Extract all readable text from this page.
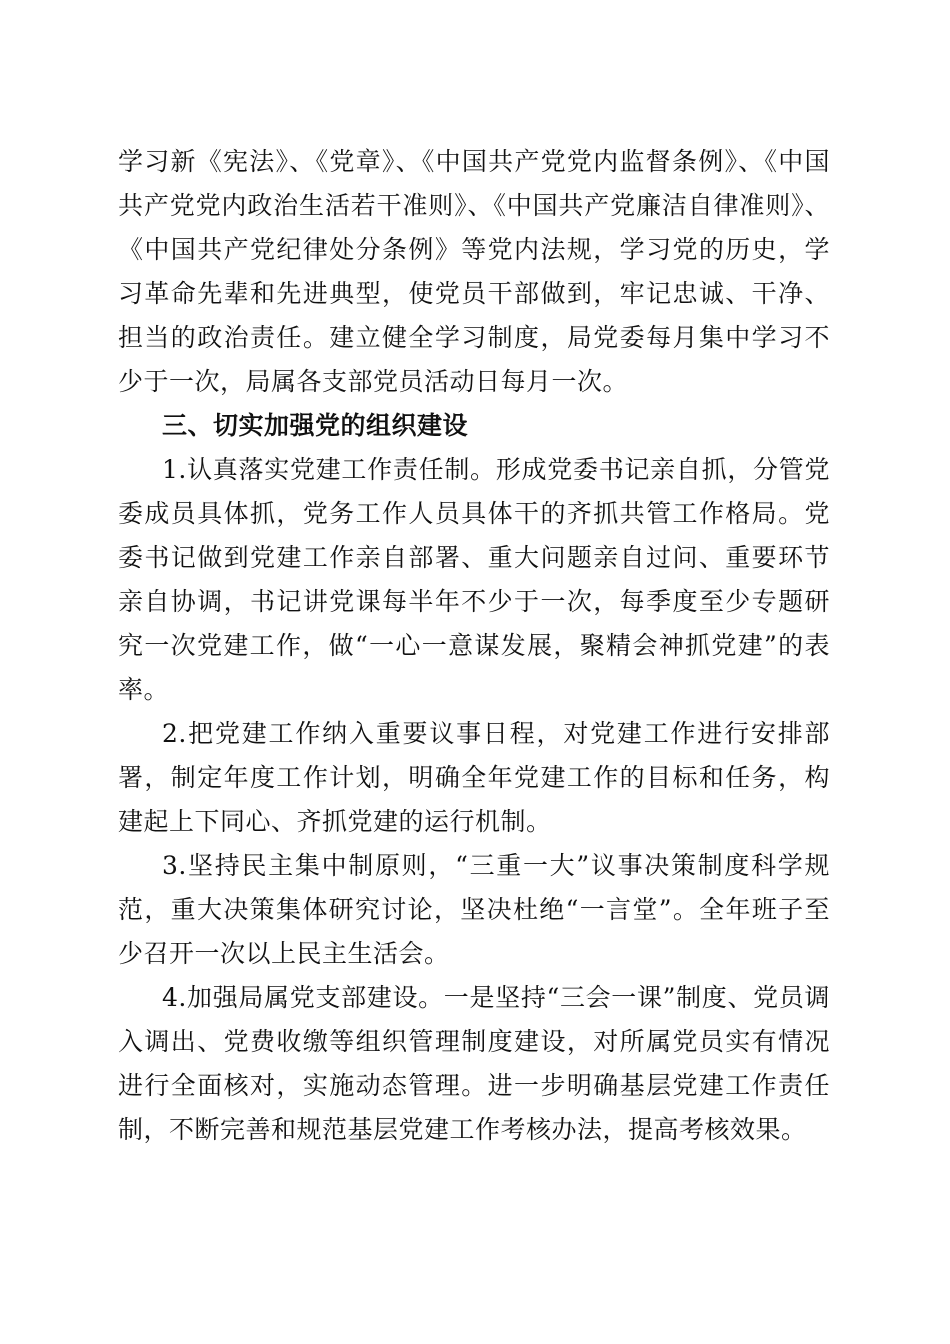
学习新《宪法》、《党章》、《中国共产党党内监督条例》、《中国共产党党内政治生活若干准则》、《中国共产党廉洁自律准则》、《中国共产党纪律处分条例》等党内法规，学习党的历史，学习革命先辈和先进典型，使党员干部做到，牢记忠诚、干净、担当的政治责任。建立健全学习制度，局党委每月集中学习不少于一次，局属各支部党员活动日每月一次。

三、切实加强党的组织建设

1.认真落实党建工作责任制。形成党委书记亲自抓，分管党委成员具体抓，党务工作人员具体干的齐抓共管工作格局。党委书记做到党建工作亲自部署、重大问题亲自过问、重要环节亲自协调，书记讲党课每半年不少于一次，每季度至少专题研究一次党建工作，做“一心一意谋发展，聚精会神抓党建”的表率。

2.把党建工作纳入重要议事日程，对党建工作进行安排部署，制定年度工作计划，明确全年党建工作的目标和任务，构建起上下同心、齐抓党建的运行机制。

3.坚持民主集中制原则，“三重一大”议事决策制度科学规范，重大决策集体研究讨论，坚决杜绝“一言堂”。全年班子至少召开一次以上民主生活会。

4.加强局属党支部建设。一是坚持“三会一课”制度、党员调入调出、党费收缴等组织管理制度建设，对所属党员实有情况进行全面核对，实施动态管理。进一步明确基层党建工作责任制，不断完善和规范基层党建工作考核办法，提高考核效果。
